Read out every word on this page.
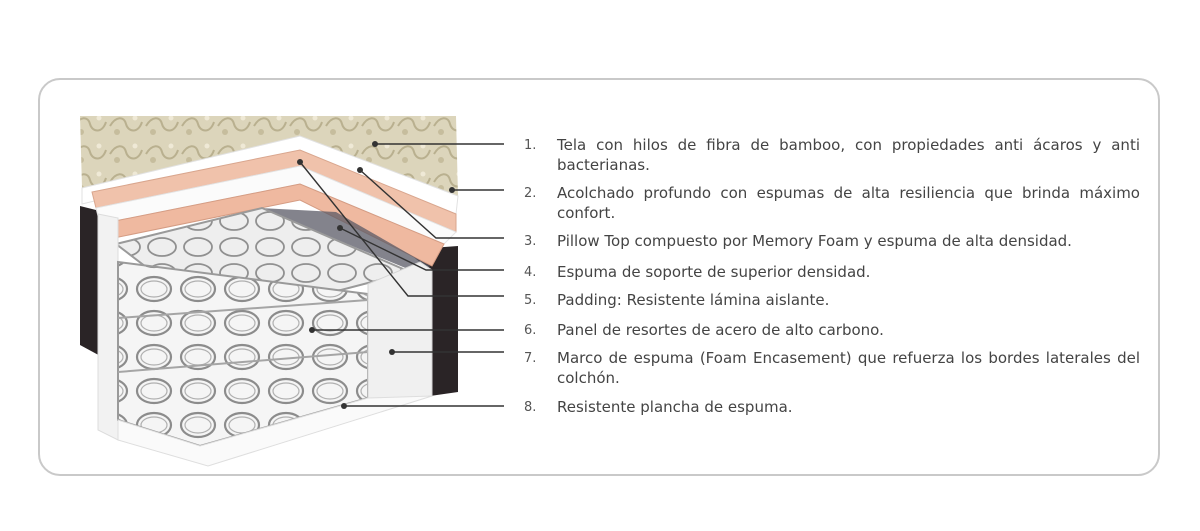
1.	Tela con hilos de fibra de bamboo, con propiedades anti ácaros y anti bacterianas.
2.	Acolchado profundo con espumas de alta resiliencia que brinda máximo confort.
3.	Pillow Top compuesto por Memory Foam y espuma de alta densidad.
4.	Espuma de soporte de superior densidad.
5.	Padding: Resistente lámina aislante.
6.	Panel de resortes de acero de alto carbono.
7.	Marco de espuma (Foam Encasement) que refuerza los bordes laterales del colchón.
8.	Resistente plancha de espuma.
